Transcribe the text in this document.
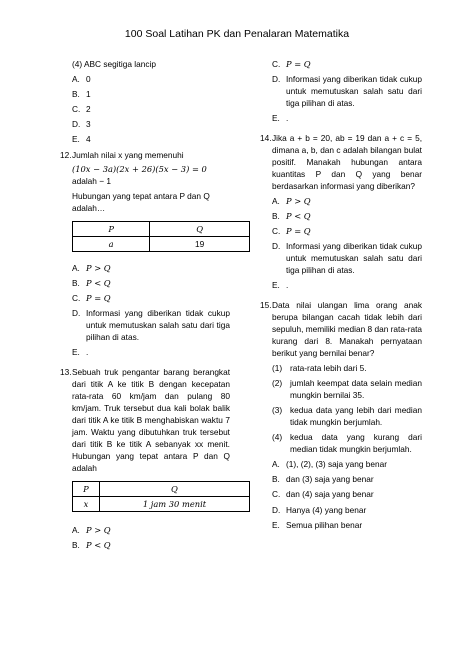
100 Soal Latihan PK dan Penalaran Matematika
(4) ABC segitiga lancip
A. 0
B. 1
C. 2
D. 3
E. 4
12. Jumlah nilai x yang memenuhi
(10x − 3a)(2x + 26)(5x − 3) = 0
adalah − 1
Hubungan yang tepat antara P dan Q adalah…
P	Q
a	19
A. P > Q
B. P < Q
C. P = Q
D. Informasi yang diberikan tidak cukup untuk memutuskan salah satu dari tiga pilihan di atas.
E. .
13. Sebuah truk pengantar barang berangkat dari titik A ke titik B dengan kecepatan rata-rata 60 km/jam dan pulang 80 km/jam. Truk tersebut dua kali bolak balik dari titik A ke titik B menghabiskan waktu 7 jam. Waktu yang dibutuhkan truk tersebut dari titik B ke titik A sebanyak xx menit. Hubungan yang tepat antara P dan Q adalah
P	Q
x	1 jam 30 menit
A. P > Q
B. P < Q
C. P = Q
D. Informasi yang diberikan tidak cukup untuk memutuskan salah satu dari tiga pilihan di atas.
E. .
14. Jika a + b = 20, ab = 19 dan a + c = 5, dimana a, b, dan c adalah bilangan bulat positif. Manakah hubungan antara kuantitas P dan Q yang benar berdasarkan informasi yang diberikan?
A. P > Q
B. P < Q
C. P = Q
D. Informasi yang diberikan tidak cukup untuk memutuskan salah satu dari tiga pilihan di atas.
E. .
15. Data nilai ulangan lima orang anak berupa bilangan cacah tidak lebih dari sepuluh, memiliki median 8 dan rata-rata kurang dari 8. Manakah pernyataan berikut yang bernilai benar?
(1) rata-rata lebih dari 5.
(2) jumlah keempat data selain median mungkin bernilai 35.
(3) kedua data yang lebih dari median tidak mungkin berjumlah.
(4) kedua data yang kurang dari median tidak mungkin berjumlah.
A. (1), (2), (3) saja yang benar
B. dan (3) saja yang benar
C. dan (4) saja yang benar
D. Hanya (4) yang benar
E. Semua pilihan benar
